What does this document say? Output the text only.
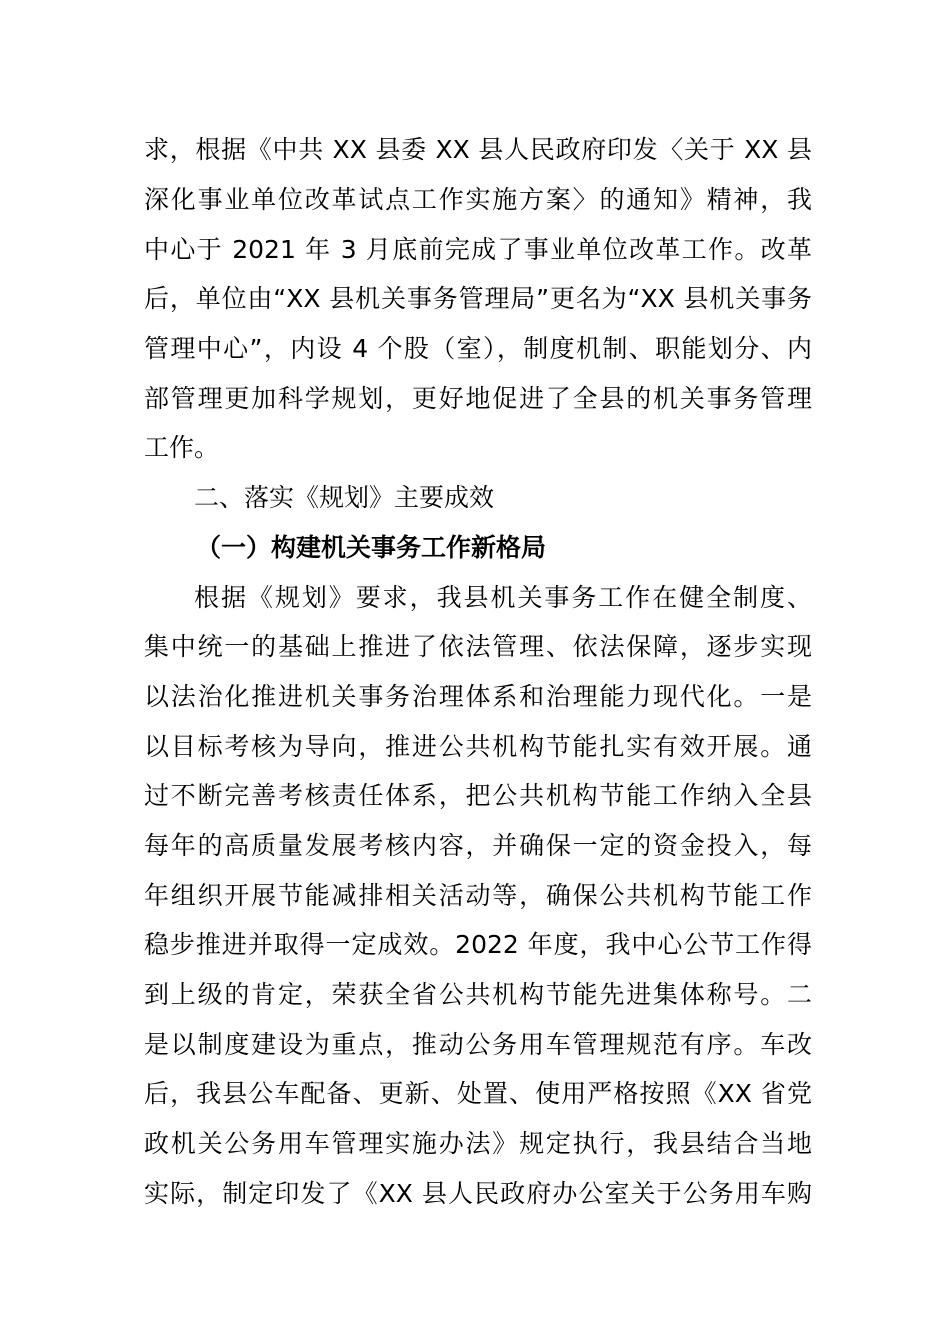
求，根据《中共 XX 县委 XX 县人民政府印发〈关于 XX 县
深化事业单位改革试点工作实施方案〉的通知》精神，我
中心于 2021 年 3 月底前完成了事业单位改革工作。改革
后，单位由“XX 县机关事务管理局”更名为“XX 县机关事务
管理中心”，内设 4 个股（室），制度机制、职能划分、内
部管理更加科学规划，更好地促进了全县的机关事务管理
工作。
二、落实《规划》主要成效
（一）构建机关事务工作新格局
根据《规划》要求，我县机关事务工作在健全制度、
集中统一的基础上推进了依法管理、依法保障，逐步实现
以法治化推进机关事务治理体系和治理能力现代化。一是
以目标考核为导向，推进公共机构节能扎实有效开展。通
过不断完善考核责任体系，把公共机构节能工作纳入全县
每年的高质量发展考核内容，并确保一定的资金投入，每
年组织开展节能减排相关活动等，确保公共机构节能工作
稳步推进并取得一定成效。2022 年度，我中心公节工作得
到上级的肯定，荣获全省公共机构节能先进集体称号。二
是以制度建设为重点，推动公务用车管理规范有序。车改
后，我县公车配备、更新、处置、使用严格按照《XX 省党
政机关公务用车管理实施办法》规定执行，我县结合当地
实际，制定印发了《XX 县人民政府办公室关于公务用车购
